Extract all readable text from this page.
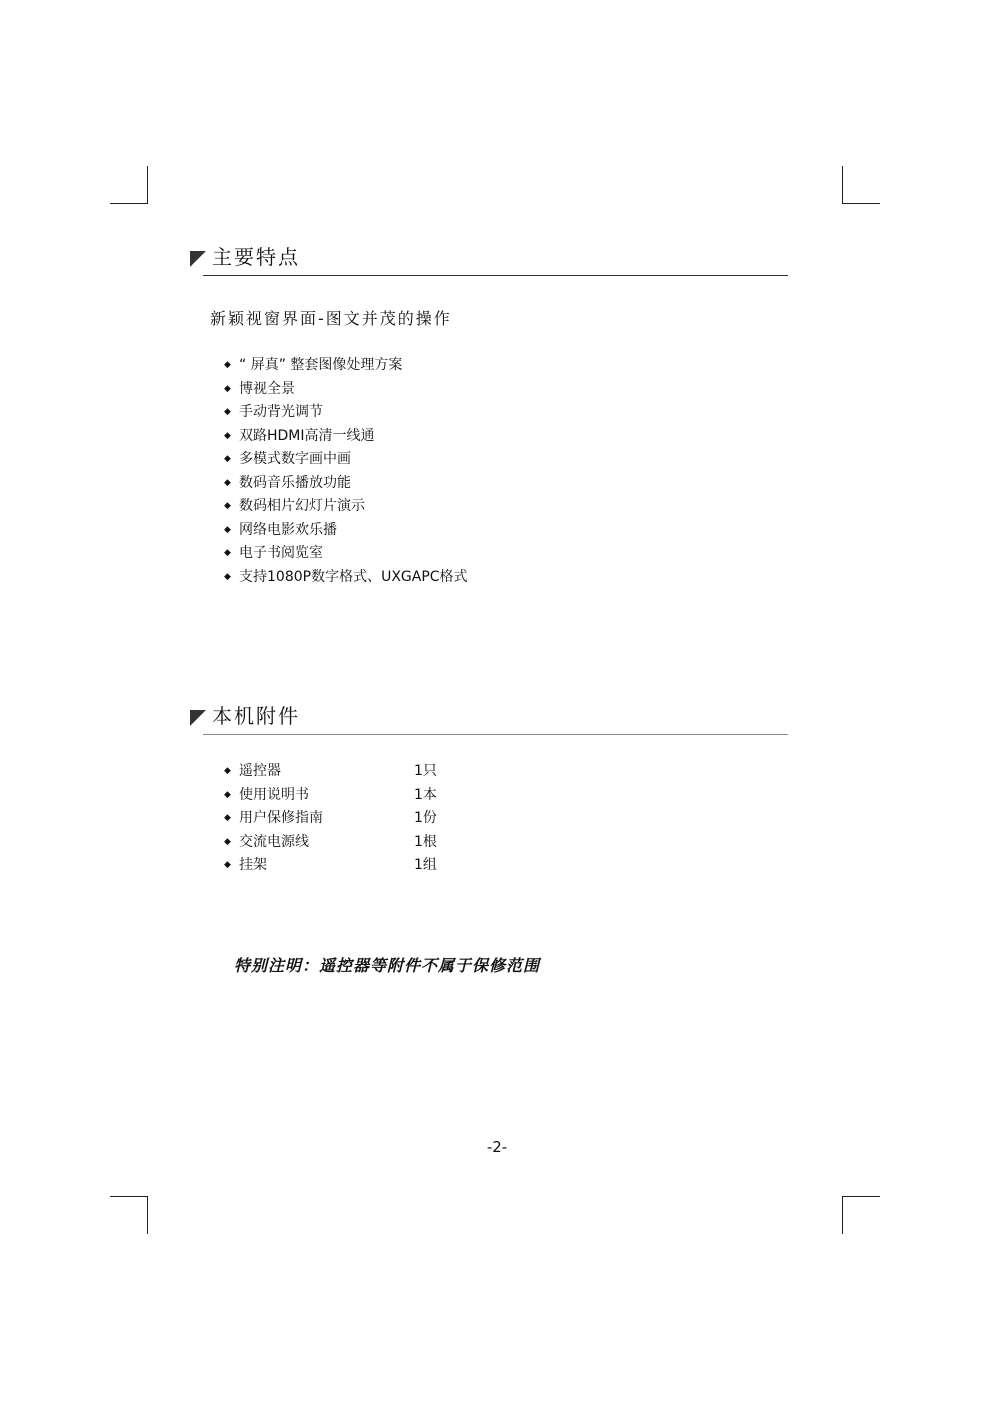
主要特点
新颖视窗界面-图文并茂的操作
◆ “ 屏真” 整套图像处理方案
◆ 博视全景
◆ 手动背光调节
◆ 双路HDMI高清一线通
◆ 多模式数字画中画
◆ 数码音乐播放功能
◆ 数码相片幻灯片演示
◆ 网络电影欢乐播
◆ 电子书阅览室
◆ 支持1080P数字格式、UXGAPC格式
本机附件
◆ 遥控器	1只
◆ 使用说明书	1本
◆ 用户保修指南	1份
◆ 交流电源线	1根
◆ 挂架	1组
特别注明：遥控器等附件不属于保修范围
-2-
